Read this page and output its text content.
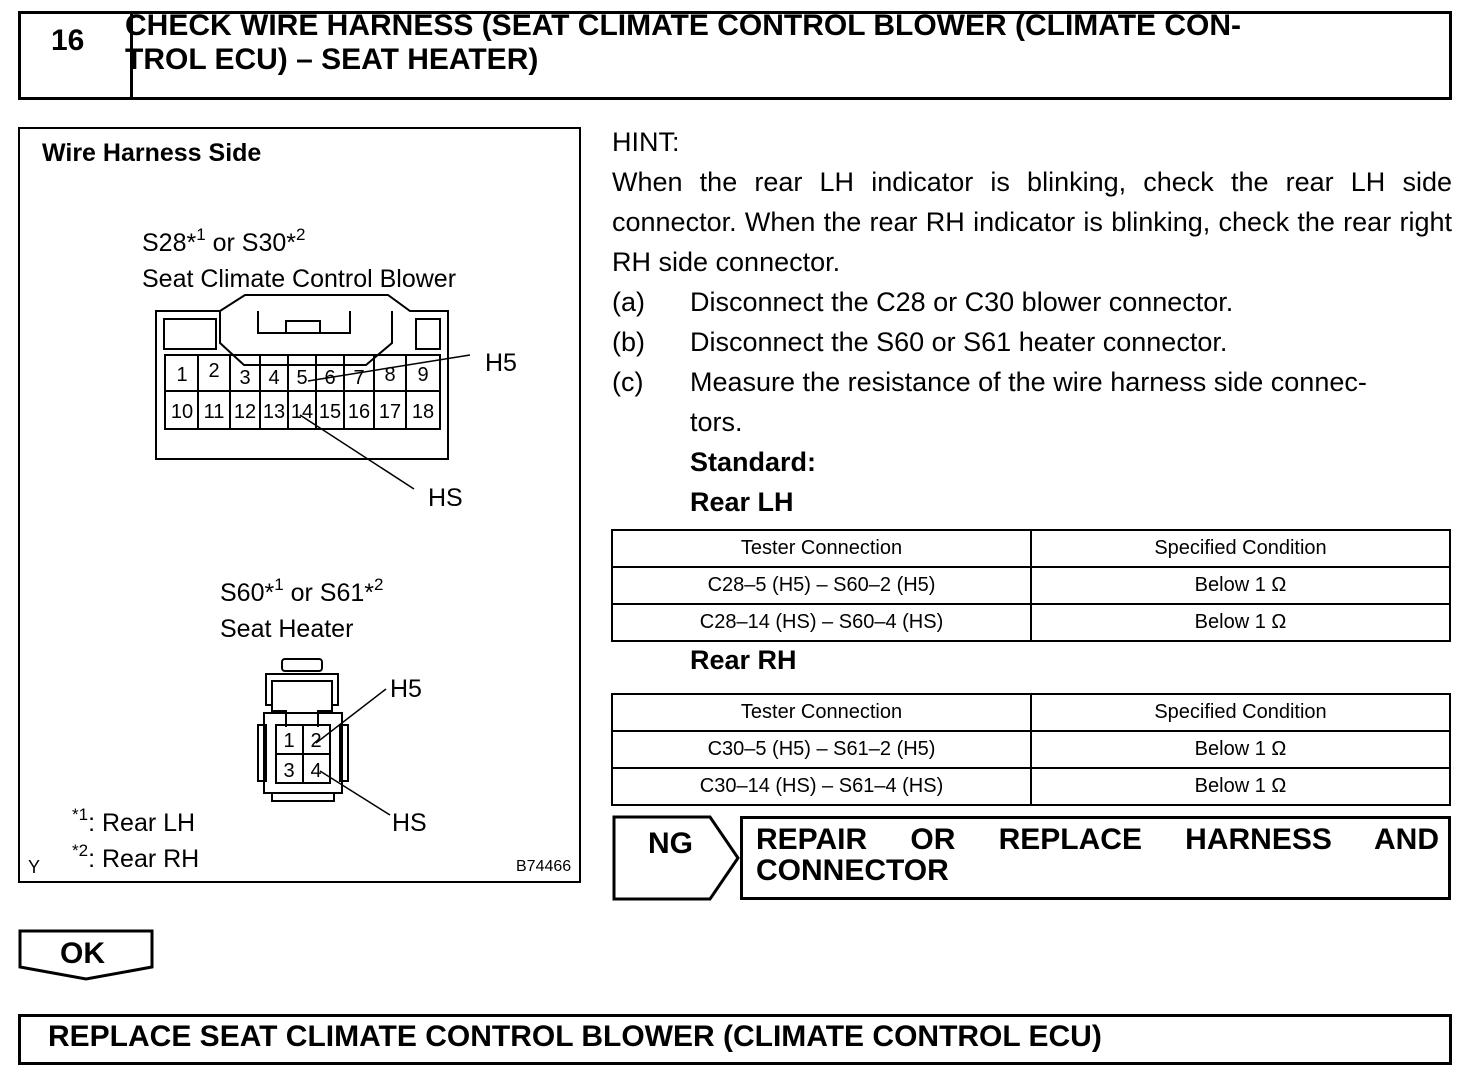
16	CHECK WIRE HARNESS (SEAT CLIMATE CONTROL BLOWER (CLIMATE CON-
TROL ECU) – SEAT HEATER)
Wire Harness Side
S28*$^1$ or S30*$^2$
Seat Climate Control Blower
1 2 3 4 5 6 7 8 9
10 11 12 13 14 15 16 17 18
H5
HS
S60*$^1$ or S61*$^2$
Seat Heater
1 2
3 4
H5
HS
*1: Rear LH
*2: Rear RH
Y	B74466
HINT:
When the rear LH indicator is blinking, check the rear LH side connector. When the rear RH indicator is blinking, check the rear right RH side connector.
(a)	Disconnect the C28 or C30 blower connector.
(b)	Disconnect the S60 or S61 heater connector.
(c)	Measure the resistance of the wire harness side connec-
tors.
Standard:
Rear LH
Tester Connection	Specified Condition
C28–5 (H5) – S60–2 (H5)	Below 1 Ω
C28–14 (HS) – S60–4 (HS)	Below 1 Ω
Rear RH
Tester Connection	Specified Condition
C30–5 (H5) – S61–2 (H5)	Below 1 Ω
C30–14 (HS) – S61–4 (HS)	Below 1 Ω
NG REPAIR OR REPLACE HARNESS AND CONNECTOR
OK
REPLACE SEAT CLIMATE CONTROL BLOWER (CLIMATE CONTROL ECU)
